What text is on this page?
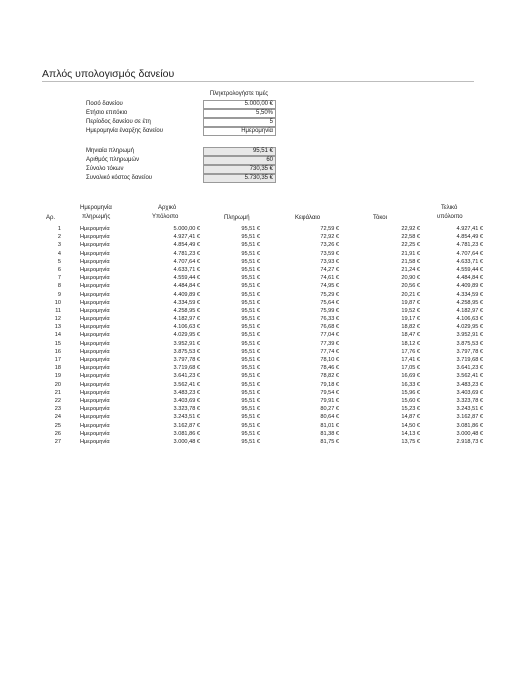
Απλός υπολογισμός δανείου
Πληκτρολογήστε τιμές
Ποσό δανείου	5.000,00 €
Ετήσιο επιτόκιο	5,50%
Περίοδος δανείου σε έτη	5
Ημερομηνία έναρξης δανείου	Ημερομηνία
Μηνιαία πληρωμή	95,51 €
Αριθμός πληρωμών	60
Σύνολο τόκων	730,35 €
Συνολικό κόστος δανείου	5.730,35 €
Αρ.
Ημερομηνία
πληρωμής
Αρχικό
Υπόλοιπο	Πληρωμή	Κεφάλαιο	Τόκοι
Τελικό
υπόλοιπο
1	Ημερομηνία	5.000,00 €	95,51 €	72,59 €	22,92 €	4.927,41 €
2	Ημερομηνία	4.927,41 €	95,51 €	72,92 €	22,58 €	4.854,49 €
3	Ημερομηνία	4.854,49 €	95,51 €	73,26 €	22,25 €	4.781,23 €
4	Ημερομηνία	4.781,23 €	95,51 €	73,59 €	21,91 €	4.707,64 €
5	Ημερομηνία	4.707,64 €	95,51 €	73,93 €	21,58 €	4.633,71 €
6	Ημερομηνία	4.633,71 €	95,51 €	74,27 €	21,24 €	4.559,44 €
7	Ημερομηνία	4.559,44 €	95,51 €	74,61 €	20,90 €	4.484,84 €
8	Ημερομηνία	4.484,84 €	95,51 €	74,95 €	20,56 €	4.409,89 €
9	Ημερομηνία	4.409,89 €	95,51 €	75,29 €	20,21 €	4.334,59 €
10	Ημερομηνία	4.334,59 €	95,51 €	75,64 €	19,87 €	4.258,95 €
11	Ημερομηνία	4.258,95 €	95,51 €	75,99 €	19,52 €	4.182,97 €
12	Ημερομηνία	4.182,97 €	95,51 €	76,33 €	19,17 €	4.106,63 €
13	Ημερομηνία	4.106,63 €	95,51 €	76,68 €	18,82 €	4.029,95 €
14	Ημερομηνία	4.029,95 €	95,51 €	77,04 €	18,47 €	3.952,91 €
15	Ημερομηνία	3.952,91 €	95,51 €	77,39 €	18,12 €	3.875,53 €
16	Ημερομηνία	3.875,53 €	95,51 €	77,74 €	17,76 €	3.797,78 €
17	Ημερομηνία	3.797,78 €	95,51 €	78,10 €	17,41 €	3.719,68 €
18	Ημερομηνία	3.719,68 €	95,51 €	78,46 €	17,05 €	3.641,23 €
19	Ημερομηνία	3.641,23 €	95,51 €	78,82 €	16,69 €	3.562,41 €
20	Ημερομηνία	3.562,41 €	95,51 €	79,18 €	16,33 €	3.483,23 €
21	Ημερομηνία	3.483,23 €	95,51 €	79,54 €	15,96 €	3.403,69 €
22	Ημερομηνία	3.403,69 €	95,51 €	79,91 €	15,60 €	3.323,78 €
23	Ημερομηνία	3.323,78 €	95,51 €	80,27 €	15,23 €	3.243,51 €
24	Ημερομηνία	3.243,51 €	95,51 €	80,64 €	14,87 €	3.162,87 €
25	Ημερομηνία	3.162,87 €	95,51 €	81,01 €	14,50 €	3.081,86 €
26	Ημερομηνία	3.081,86 €	95,51 €	81,38 €	14,13 €	3.000,48 €
27	Ημερομηνία	3.000,48 €	95,51 €	81,75 €	13,75 €	2.918,73 €
